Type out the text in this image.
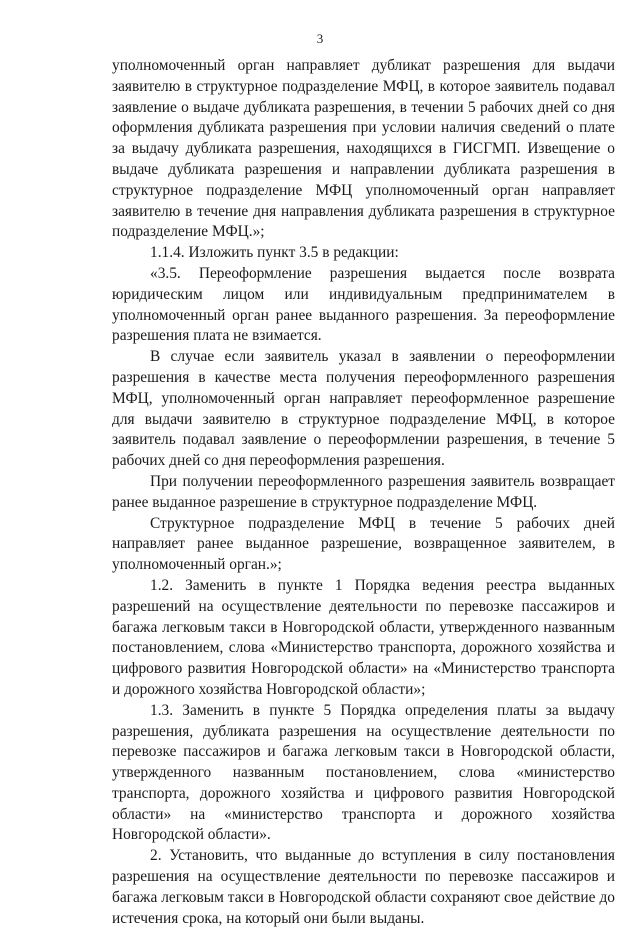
3

уполномоченный орган направляет дубликат разрешения для выдачи заявителю в структурное подразделение МФЦ, в которое заявитель подавал заявление о выдаче дубликата разрешения, в течении 5 рабочих дней со дня оформления дубликата разрешения при условии наличия сведений о плате за выдачу дубликата разрешения, находящихся в ГИСГМП. Извещение о выдаче дубликата разрешения и направлении дубликата разрешения в структурное подразделение МФЦ уполномоченный орган направляет заявителю в течение дня направления дубликата разрешения в структурное подразделение МФЦ.»;

1.1.4. Изложить пункт 3.5 в редакции:

«3.5. Переоформление разрешения выдается после возврата юридическим лицом или индивидуальным предпринимателем в уполномоченный орган ранее выданного разрешения. За переоформление разрешения плата не взимается.

В случае если заявитель указал в заявлении о переоформлении разрешения в качестве места получения переоформленного разрешения МФЦ, уполномоченный орган направляет переоформленное разрешение для выдачи заявителю в структурное подразделение МФЦ, в которое заявитель подавал заявление о переоформлении разрешения, в течение 5 рабочих дней со дня переоформления разрешения.

При получении переоформленного разрешения заявитель возвращает ранее выданное разрешение в структурное подразделение МФЦ.

Структурное подразделение МФЦ в течение 5 рабочих дней направляет ранее выданное разрешение, возвращенное заявителем, в уполномоченный орган.»;

1.2. Заменить в пункте 1 Порядка ведения реестра выданных разрешений на осуществление деятельности по перевозке пассажиров и багажа легковым такси в Новгородской области, утвержденного названным постановлением, слова «Министерство транспорта, дорожного хозяйства и цифрового развития Новгородской области» на «Министерство транспорта и дорожного хозяйства Новгородской области»;

1.3. Заменить в пункте 5 Порядка определения платы за выдачу разрешения, дубликата разрешения на осуществление деятельности по перевозке пассажиров и багажа легковым такси в Новгородской области, утвержденного названным постановлением, слова «министерство транспорта, дорожного хозяйства и цифрового развития Новгородской области» на «министерство транспорта и дорожного хозяйства Новгородской области».

2. Установить, что выданные до вступления в силу постановления разрешения на осуществление деятельности по перевозке пассажиров и багажа легковым такси в Новгородской области сохраняют свое действие до истечения срока, на который они были выданы.
